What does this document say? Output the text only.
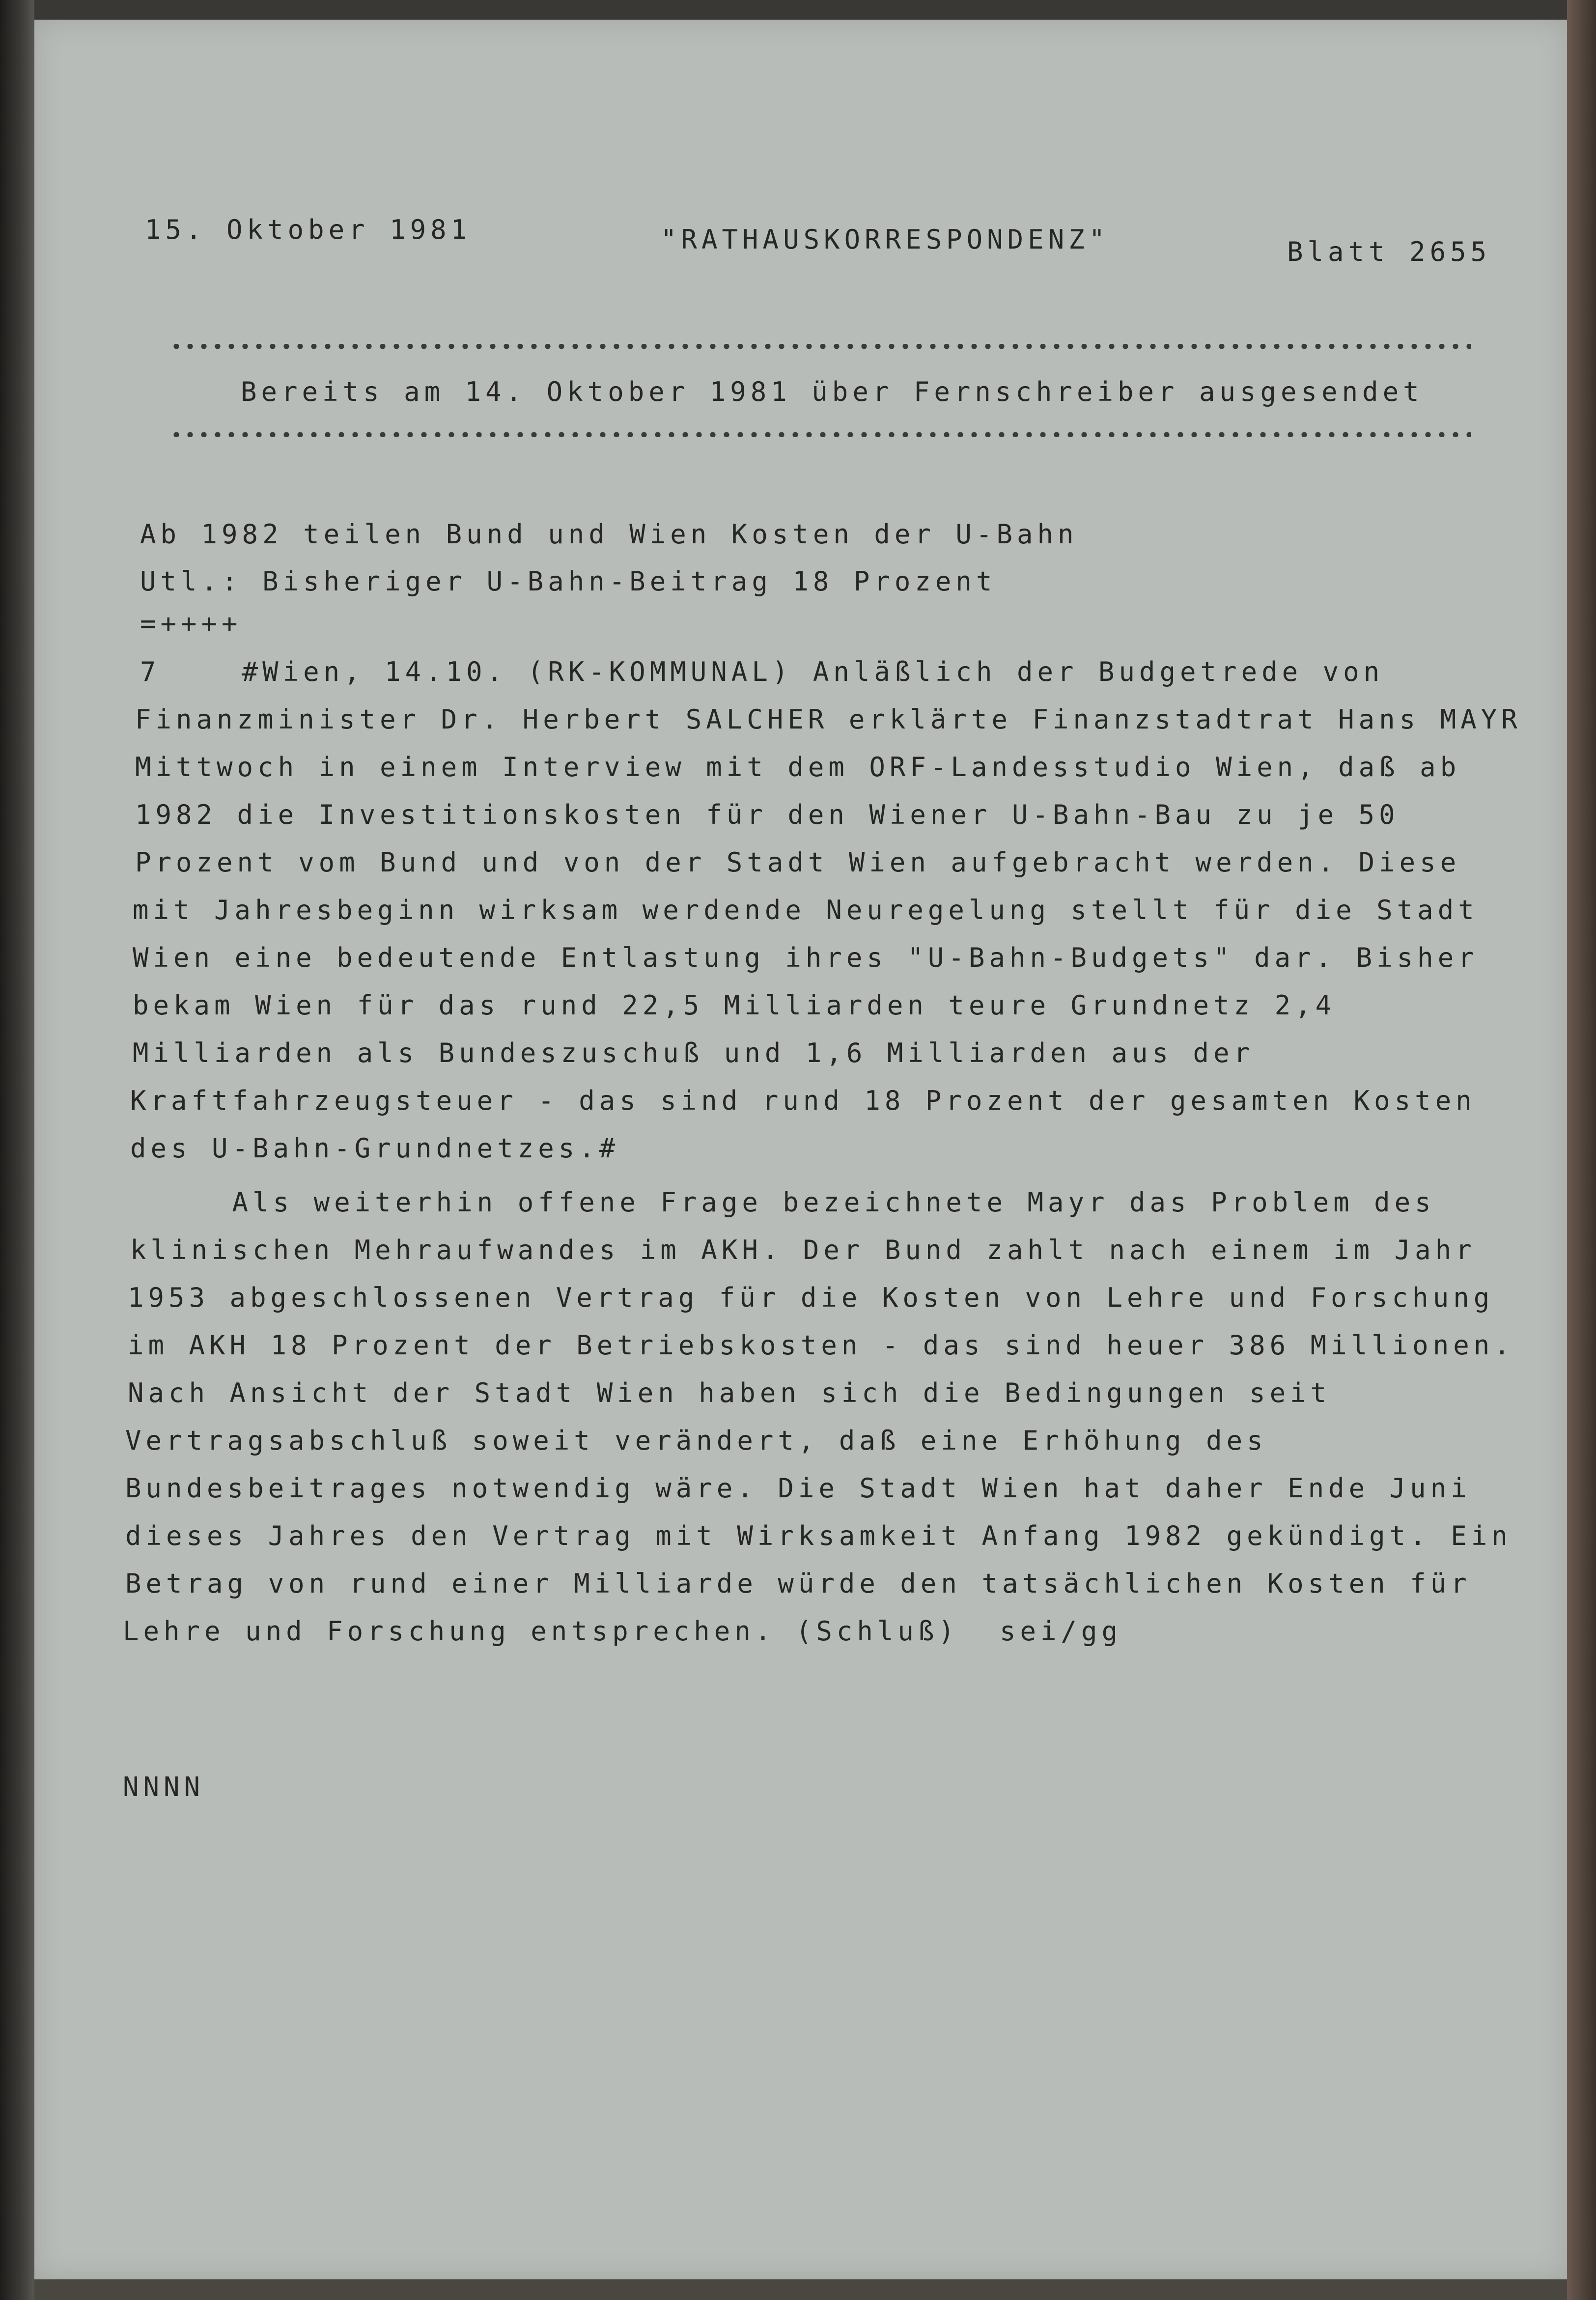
15. Oktober 1981	"RATHAUSKORRESPONDENZ"	Blatt 2655
Bereits am 14. Oktober 1981 über Fernschreiber ausgesendet
Ab 1982 teilen Bund und Wien Kosten der U-Bahn
Utl.: Bisheriger U-Bahn-Beitrag 18 Prozent
=++++
7    #Wien, 14.10. (RK-KOMMUNAL) Anläßlich der Budgetrede von
Finanzminister Dr. Herbert SALCHER erklärte Finanzstadtrat Hans MAYR
Mittwoch in einem Interview mit dem ORF-Landesstudio Wien, daß ab
1982 die Investitionskosten für den Wiener U-Bahn-Bau zu je 50
Prozent vom Bund und von der Stadt Wien aufgebracht werden. Diese
mit Jahresbeginn wirksam werdende Neuregelung stellt für die Stadt
Wien eine bedeutende Entlastung ihres "U-Bahn-Budgets" dar. Bisher
bekam Wien für das rund 22,5 Milliarden teure Grundnetz 2,4
Milliarden als Bundeszuschuß und 1,6 Milliarden aus der
Kraftfahrzeugsteuer - das sind rund 18 Prozent der gesamten Kosten
des U-Bahn-Grundnetzes.#
Als weiterhin offene Frage bezeichnete Mayr das Problem des
klinischen Mehraufwandes im AKH. Der Bund zahlt nach einem im Jahr
1953 abgeschlossenen Vertrag für die Kosten von Lehre und Forschung
im AKH 18 Prozent der Betriebskosten - das sind heuer 386 Millionen.
Nach Ansicht der Stadt Wien haben sich die Bedingungen seit
Vertragsabschluß soweit verändert, daß eine Erhöhung des
Bundesbeitrages notwendig wäre. Die Stadt Wien hat daher Ende Juni
dieses Jahres den Vertrag mit Wirksamkeit Anfang 1982 gekündigt. Ein
Betrag von rund einer Milliarde würde den tatsächlichen Kosten für
Lehre und Forschung entsprechen. (Schluß)  sei/gg
NNNN
